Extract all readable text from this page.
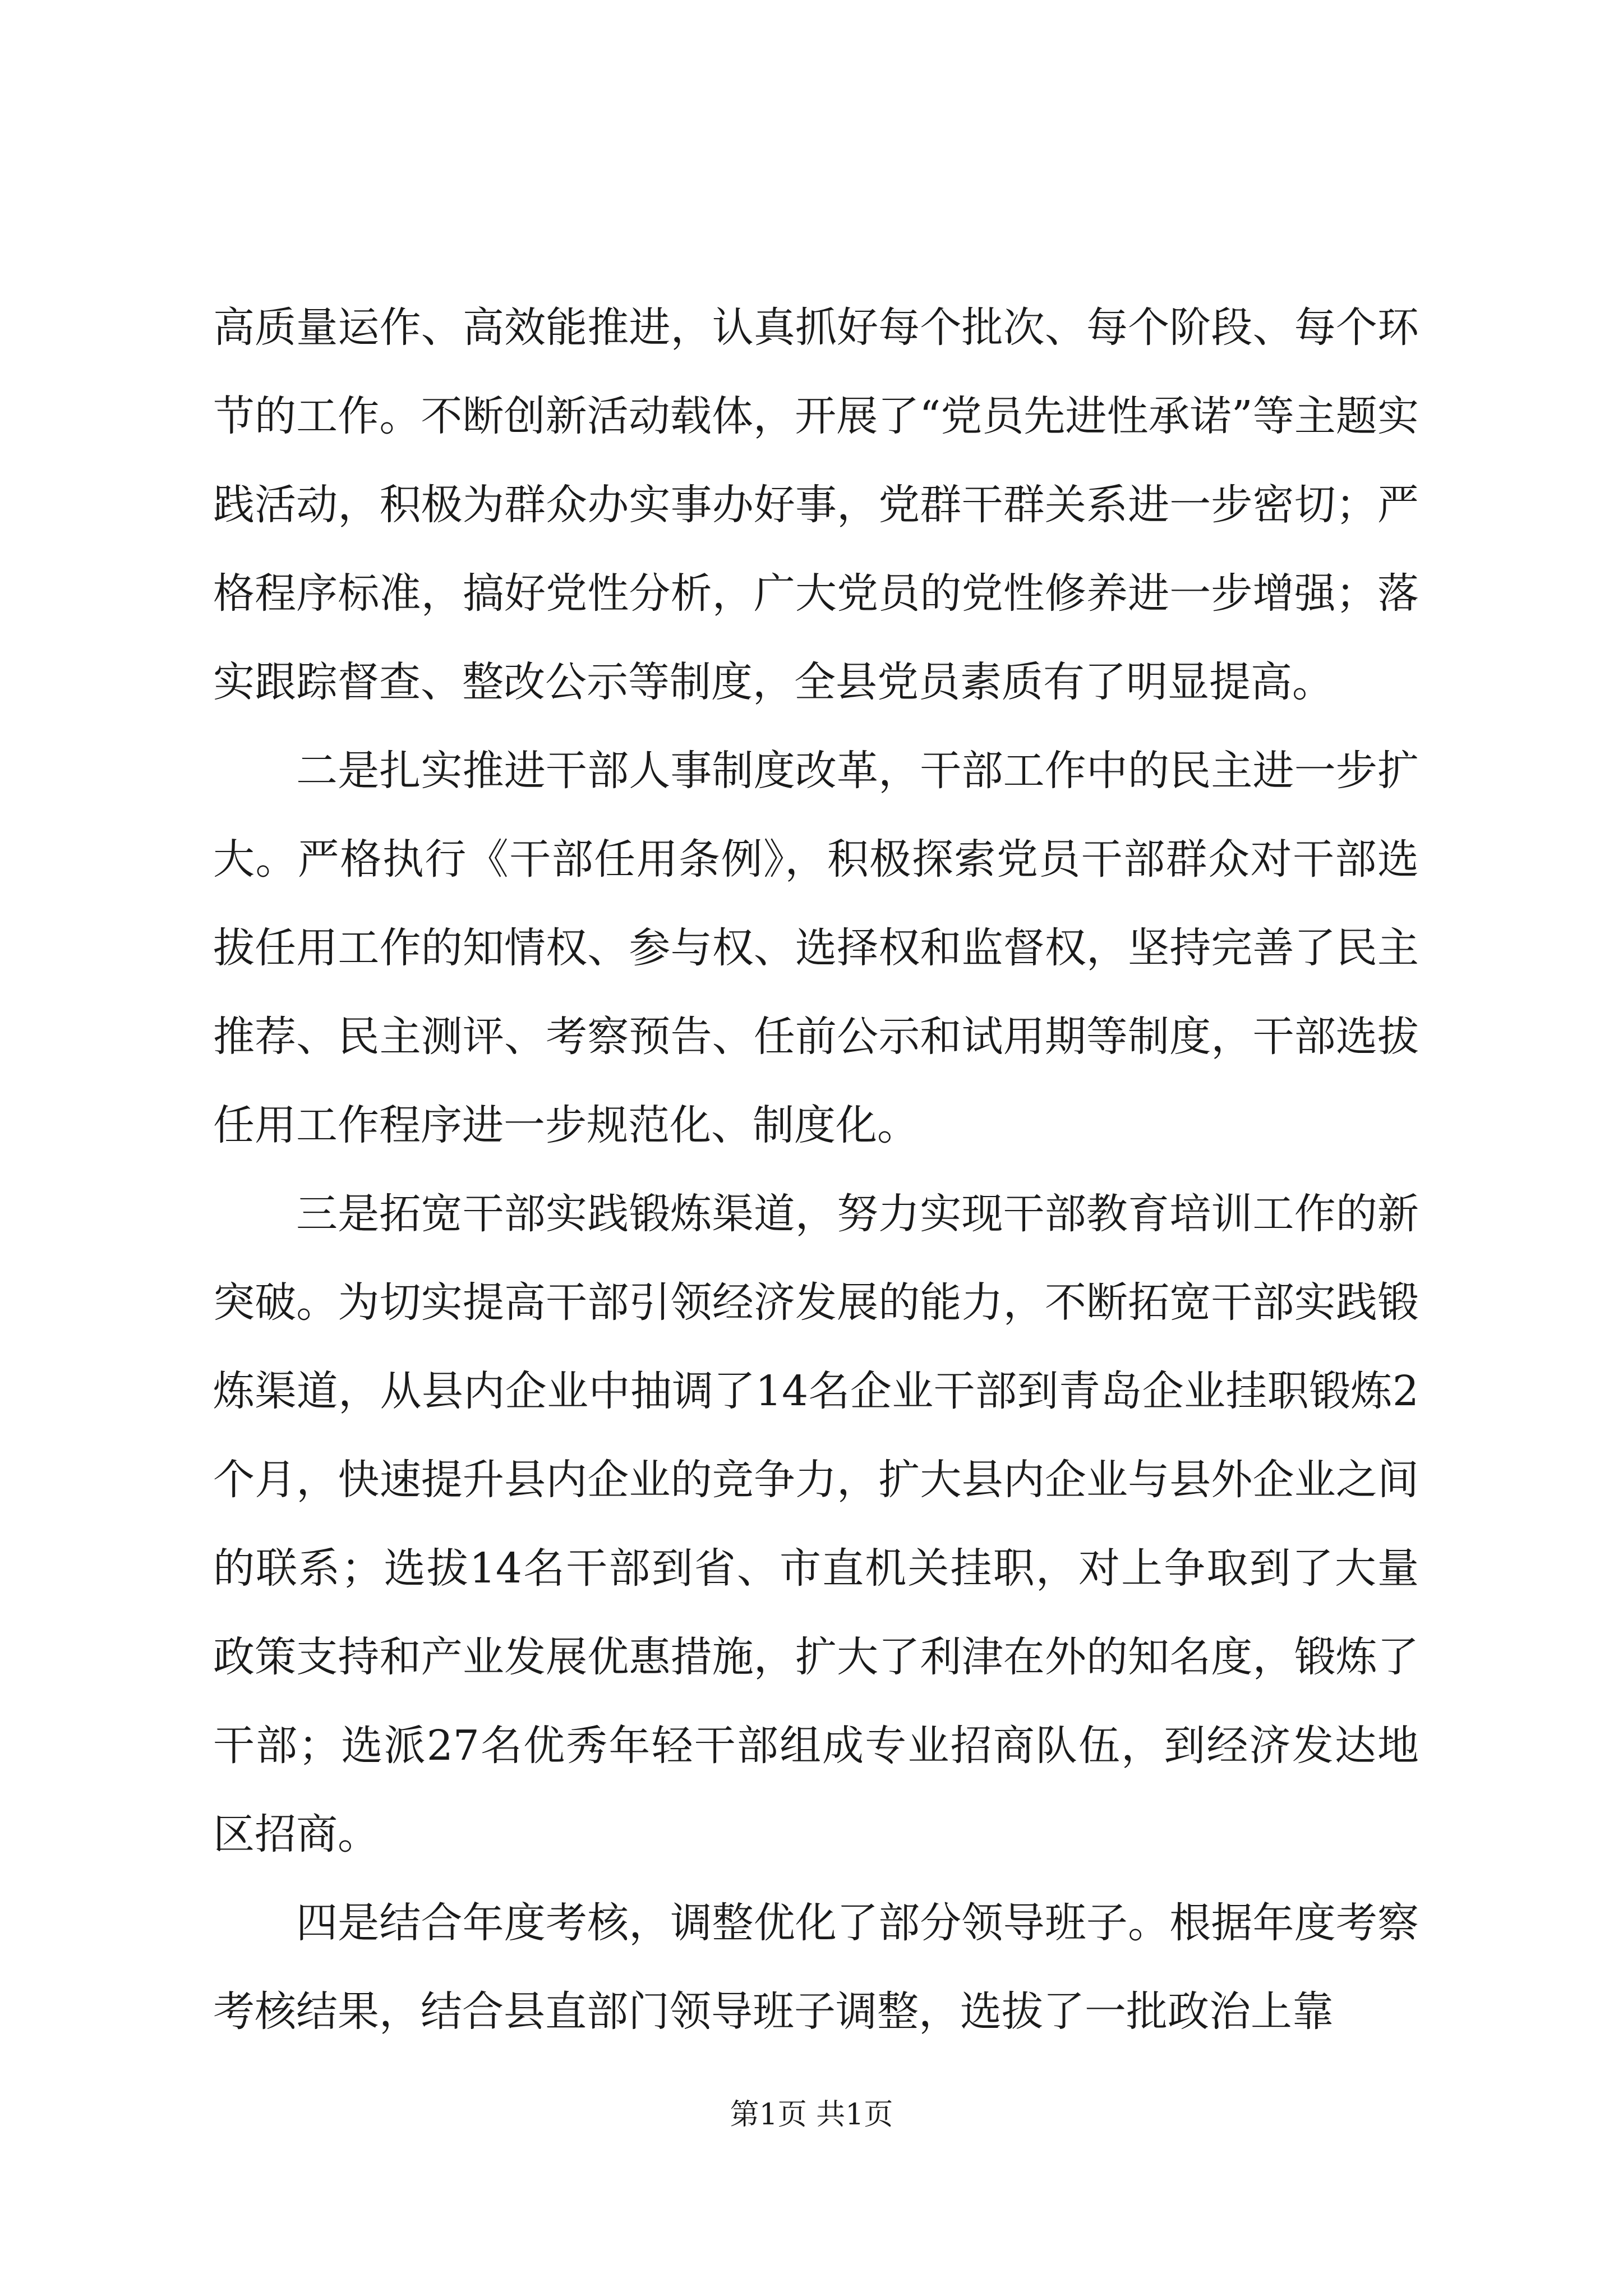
高质量运作、高效能推进，认真抓好每个批次、每个阶段、每个环节的工作。不断创新活动载体，开展了“党员先进性承诺”等主题实践活动，积极为群众办实事办好事，党群干群关系进一步密切；严格程序标准，搞好党性分析，广大党员的党性修养进一步增强；落实跟踪督查、整改公示等制度，全县党员素质有了明显提高。

二是扎实推进干部人事制度改革，干部工作中的民主进一步扩大。严格执行《干部任用条例》，积极探索党员干部群众对干部选拔任用工作的知情权、参与权、选择权和监督权，坚持完善了民主推荐、民主测评、考察预告、任前公示和试用期等制度，干部选拔任用工作程序进一步规范化、制度化。

三是拓宽干部实践锻炼渠道，努力实现干部教育培训工作的新突破。为切实提高干部引领经济发展的能力，不断拓宽干部实践锻炼渠道，从县内企业中抽调了14名企业干部到青岛企业挂职锻炼2个月，快速提升县内企业的竞争力，扩大县内企业与县外企业之间的联系；选拔14名干部到省、市直机关挂职，对上争取到了大量政策支持和产业发展优惠措施，扩大了利津在外的知名度，锻炼了干部；选派27名优秀年轻干部组成专业招商队伍，到经济发达地区招商。

四是结合年度考核，调整优化了部分领导班子。根据年度考察考核结果，结合县直部门领导班子调整，选拔了一批政治上靠

第1页 共1页
